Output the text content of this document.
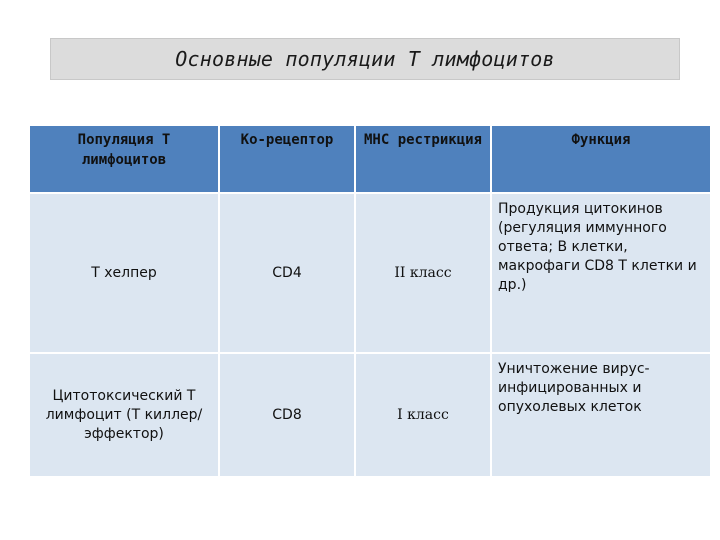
Основные популяции Т лимфоцитов
Популяция Т лимфоцитов	Ко-рецептор	MHC рестрикция	Функция
Т хелпер	CD4	II класс	Продукция цитокинов (регуляция иммунного ответа; В клетки, макрофаги CD8 Т клетки и др.)
Цитотоксический Т лимфоцит (Т киллер/эффектор)	CD8	I класс	Уничтожение вирус-инфицированных и опухолевых клеток
